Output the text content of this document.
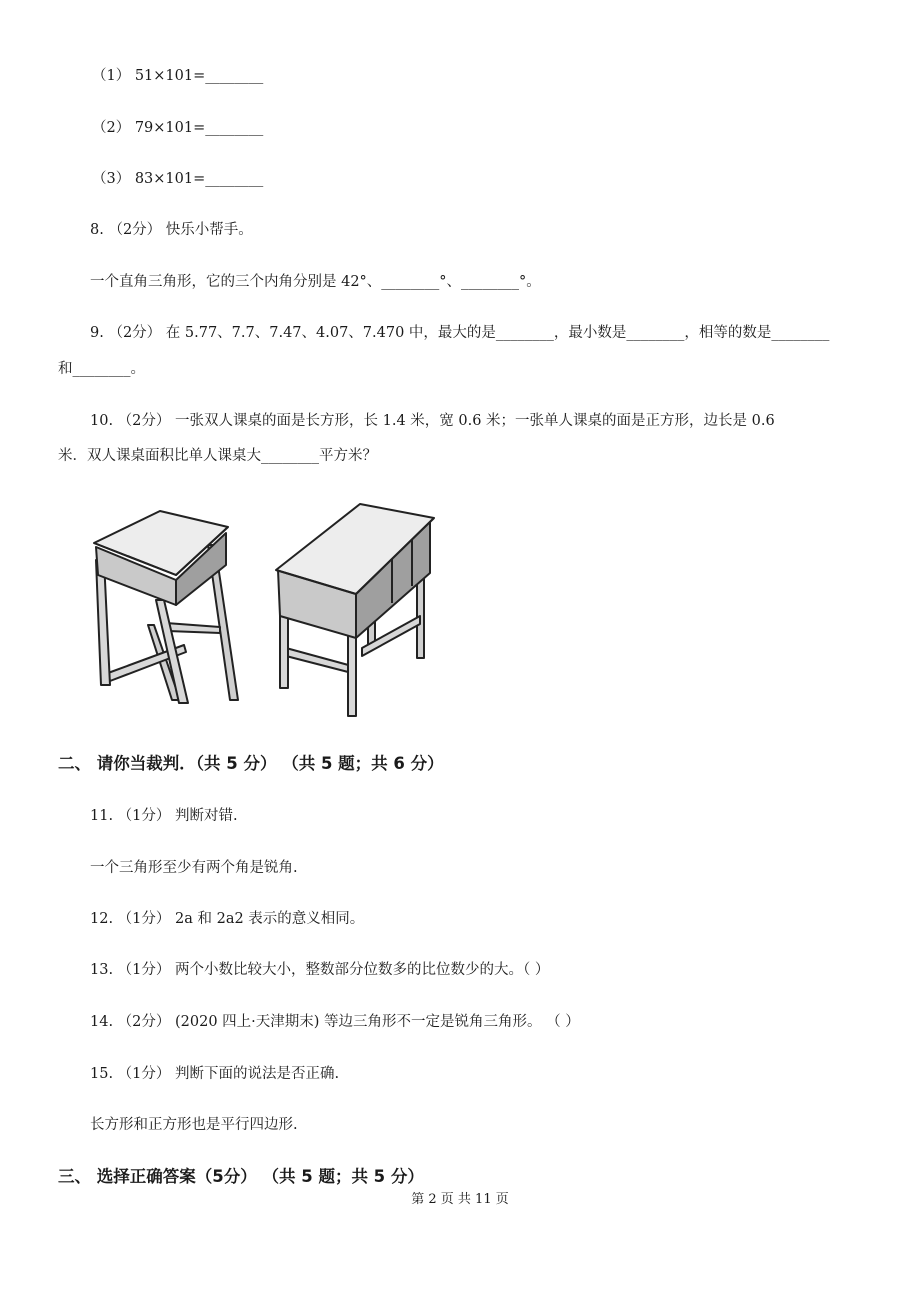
（1） 51×101=________
（2） 79×101=________
（3） 83×101=________
8. （2分） 快乐小帮手。
一个直角三角形，它的三个内角分别是 42°、________°、________°。
9. （2分） 在 5.77、7.7、7.47、4.07、7.470 中，最大的是________，最小数是________，相等的数是________
和________。
10. （2分） 一张双人课桌的面是长方形，长 1.4 米，宽 0.6 米；一张单人课桌的面是正方形，边长是 0.6
米．双人课桌面积比单人课桌大________平方米？
二、 请你当裁判．（共 5 分） （共 5 题；共 6 分）
11. （1分） 判断对错.
一个三角形至少有两个角是锐角.
12. （1分） 2a 和 2a2 表示的意义相同。
13. （1分） 两个小数比较大小，整数部分位数多的比位数少的大。（ ）
14. （2分） (2020 四上·天津期末) 等边三角形不一定是锐角三角形。 （ ）
15. （1分） 判断下面的说法是否正确.
长方形和正方形也是平行四边形.
三、 选择正确答案（5分） （共 5 题；共 5 分）
第 2 页 共 11 页
